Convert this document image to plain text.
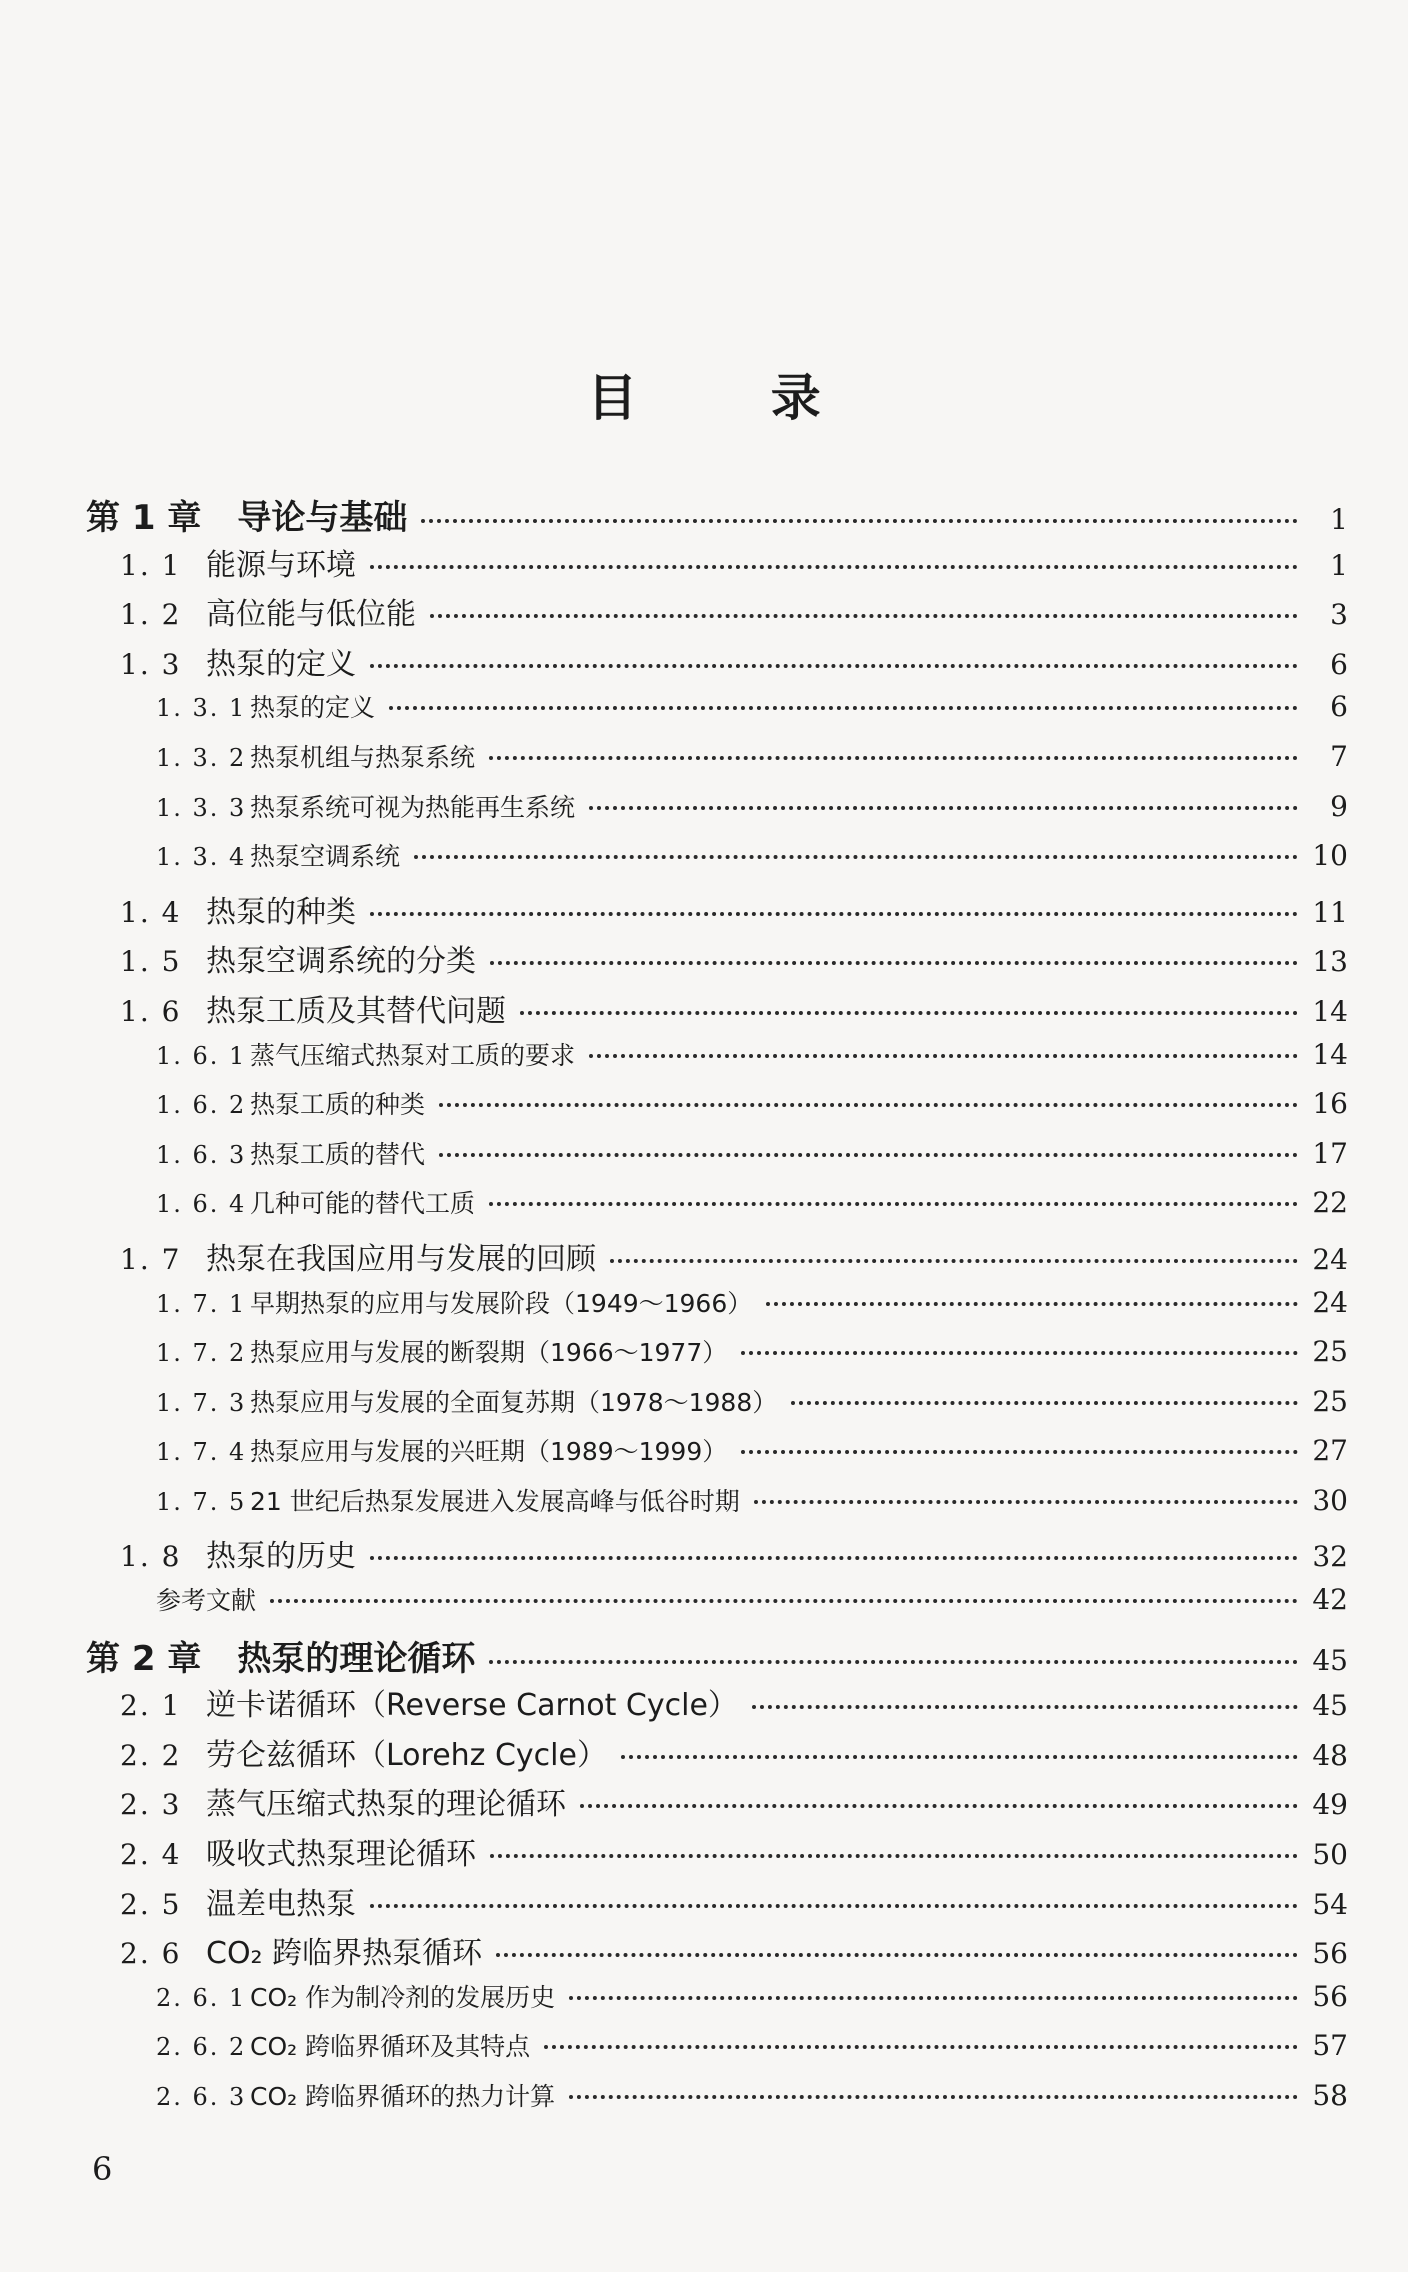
目 录
第 1 章 导论与基础	1
1. 1 能源与环境	1
1. 2 高位能与低位能	3
1. 3 热泵的定义	6
1. 3. 1 热泵的定义	6
1. 3. 2 热泵机组与热泵系统	7
1. 3. 3 热泵系统可视为热能再生系统	9
1. 3. 4 热泵空调系统	10
1. 4 热泵的种类	11
1. 5 热泵空调系统的分类	13
1. 6 热泵工质及其替代问题	14
1. 6. 1 蒸气压缩式热泵对工质的要求	14
1. 6. 2 热泵工质的种类	16
1. 6. 3 热泵工质的替代	17
1. 6. 4 几种可能的替代工质	22
1. 7 热泵在我国应用与发展的回顾	24
1. 7. 1 早期热泵的应用与发展阶段（1949～1966）	24
1. 7. 2 热泵应用与发展的断裂期（1966～1977）	25
1. 7. 3 热泵应用与发展的全面复苏期（1978～1988）	25
1. 7. 4 热泵应用与发展的兴旺期（1989～1999）	27
1. 7. 5 21 世纪后热泵发展进入发展高峰与低谷时期	30
1. 8 热泵的历史	32
参考文献	42
第 2 章 热泵的理论循环	45
2. 1 逆卡诺循环（Reverse Carnot Cycle）	45
2. 2 劳仑兹循环（Lorehz Cycle）	48
2. 3 蒸气压缩式热泵的理论循环	49
2. 4 吸收式热泵理论循环	50
2. 5 温差电热泵	54
2. 6 CO₂ 跨临界热泵循环	56
2. 6. 1 CO₂ 作为制冷剂的发展历史	56
2. 6. 2 CO₂ 跨临界循环及其特点	57
2. 6. 3 CO₂ 跨临界循环的热力计算	58
6
